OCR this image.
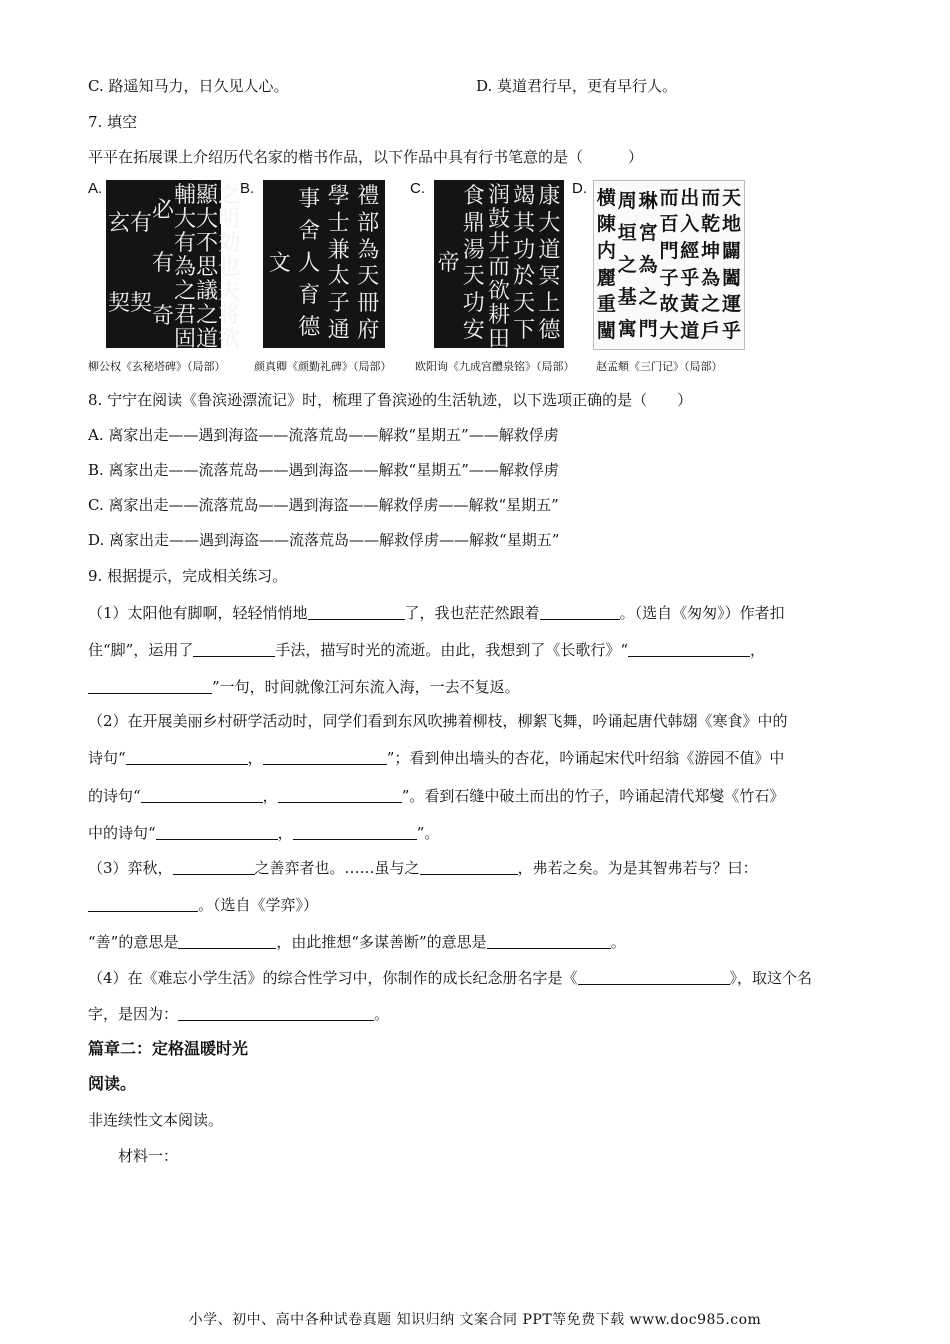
C. 路遥知马力，日久见人心。	D. 莫道君行早，更有早行人。
7. 填空
平平在拓展课上介绍历代名家的楷书作品，以下作品中具有行书笔意的是（　　　）
A.	之
明
効
也
夫
将
欲
顯
大
不
思
議
之
道
輔
大
有
為
之
君
固
必
有
奇
有
契
玄
契
B.	禮
部
為
天
冊
府
學
士
兼
太
子
通
事
舍
人
育
德
文
C.	康
大
道
冥
上
德
竭
其
功
於
天
下
润
鼓
井
而
欲
耕
田
食
鼎
湯
天
功
安
帝
D.	天
地
闢
闔
運
乎
而
乾
坤
為
之
戶
出
入
經
乎
黃
道
而
百
門
子
故
大
琳
宮
為
之
門
周
垣
之
基
寓
横
陳
内
麗
重
闉
柳公权《玄秘塔碑》（局部）	颜真卿《颜勤礼碑》（局部） 欧阳询《九成宫醴泉铭》（局部） 赵孟頫《三门记》（局部）
8. 宁宁在阅读《鲁滨逊漂流记》时，梳理了鲁滨逊的生活轨迹，以下选项正确的是（　　）
A. 离家出走——遇到海盗——流落荒岛——解救“星期五”——解救俘虏
B. 离家出走——流落荒岛——遇到海盗——解救“星期五”——解救俘虏
C. 离家出走——流落荒岛——遇到海盗——解救俘虏——解救“星期五”
D. 离家出走——遇到海盗——流落荒岛——解救俘虏——解救“星期五”
9. 根据提示，完成相关练习。
（1）太阳他有脚啊，轻轻悄悄地	了，我也茫茫然跟着	。（选自《匆匆》）作者扣
住“脚”，运用了	手法，描写时光的流逝。由此，我想到了《长歌行》“	，
”一句，时间就像江河东流入海，一去不复返。
（2）在开展美丽乡村研学活动时，同学们看到东风吹拂着柳枝，柳絮飞舞，吟诵起唐代韩翃《寒食》中的
诗句“	，	”；看到伸出墙头的杏花，吟诵起宋代叶绍翁《游园不值》中
的诗句“	，	”。看到石缝中破土而出的竹子，吟诵起清代郑燮《竹石》
中的诗句“	，	”。
（3）弈秋，	之善弈者也。……虽与之	，弗若之矣。为是其智弗若与？曰：
。（选自《学弈》）
“善”的意思是	，由此推想“多谋善断”的意思是	。
（4）在《难忘小学生活》的综合性学习中，你制作的成长纪念册名字是《	》，取这个名
字，是因为：	。
篇章二：定格温暖时光
阅读。
非连续性文本阅读。
材料一：
小学、初中、高中各种试卷真题 知识归纳 文案合同 PPT等免费下载 www.doc985.com
